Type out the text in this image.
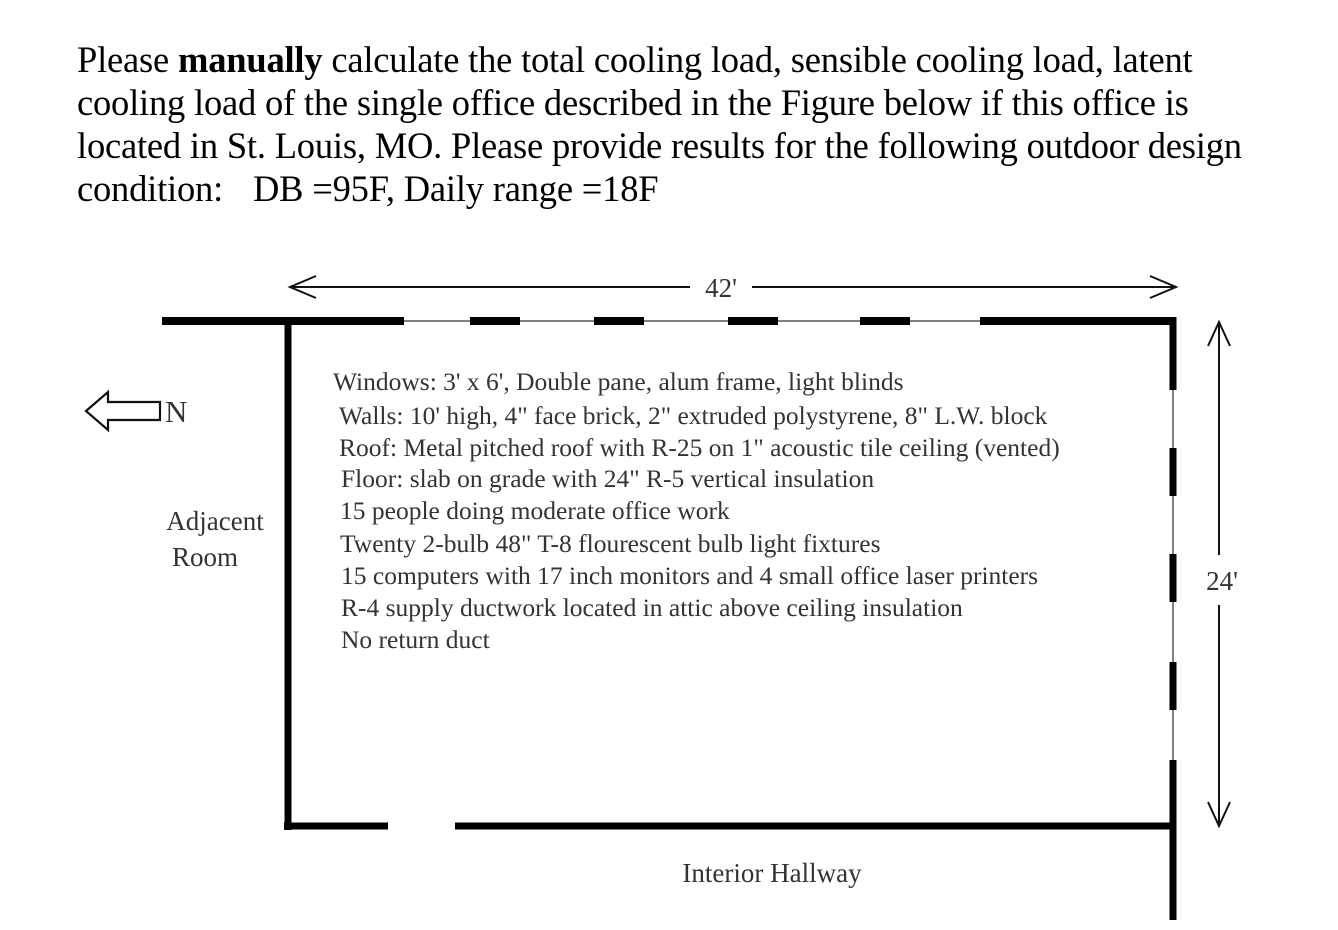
Please manually calculate the total cooling load, sensible cooling load, latent
cooling load of the single office described in the Figure below if this office is
located in St. Louis, MO. Please provide results for the following outdoor design
condition: DB =95F, Daily range =18F
42'
24'
N
Adjacent
Room
Interior Hallway
Windows: 3' x 6', Double pane, alum frame, light blinds
Walls: 10' high, 4" face brick, 2" extruded polystyrene, 8" L.W. block
Roof: Metal pitched roof with R-25 on 1" acoustic tile ceiling (vented)
Floor: slab on grade with 24" R-5 vertical insulation
15 people doing moderate office work
Twenty 2-bulb 48" T-8 flourescent bulb light fixtures
15 computers with 17 inch monitors and 4 small office laser printers
R-4 supply ductwork located in attic above ceiling insulation
No return duct
